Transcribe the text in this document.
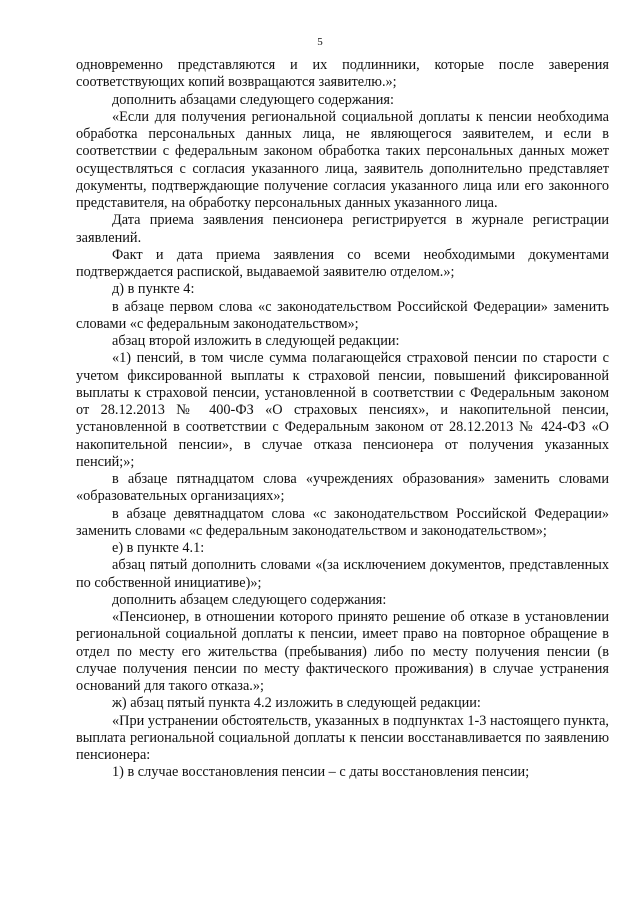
5

одновременно представляются и их подлинники, которые после заверения соответствующих копий возвращаются заявителю.»;

дополнить абзацами следующего содержания:

«Если для получения региональной социальной доплаты к пенсии необходима обработка персональных данных лица, не являющегося заявителем, и если в соответствии с федеральным законом обработка таких персональных данных может осуществляться с согласия указанного лица, заявитель дополнительно представляет документы, подтверждающие получение согласия указанного лица или его законного представителя, на обработку персональных данных указанного лица.

Дата приема заявления пенсионера регистрируется в журнале регистрации заявлений.

Факт и дата приема заявления со всеми необходимыми документами подтверждается распиской, выдаваемой заявителю отделом.»;

д) в пункте 4:

в абзаце первом слова «с законодательством Российской Федерации» заменить словами «с федеральным законодательством»;

абзац второй изложить в следующей редакции:

«1) пенсий, в том числе сумма полагающейся страховой пенсии по старости с учетом фиксированной выплаты к страховой пенсии, повышений фиксированной выплаты к страховой пенсии, установленной в соответствии с Федеральным законом от 28.12.2013 № 400-ФЗ «О страховых пенсиях», и накопительной пенсии, установленной в соответствии с Федеральным законом от 28.12.2013 № 424-ФЗ «О накопительной пенсии», в случае отказа пенсионера от получения указанных пенсий;»;

в абзаце пятнадцатом слова «учреждениях образования» заменить словами «образовательных организациях»;

в абзаце девятнадцатом слова «с законодательством Российской Федерации» заменить словами «с федеральным законодательством и законодательством»;

е) в пункте 4.1:

абзац пятый дополнить словами «(за исключением документов, представленных по собственной инициативе)»;

дополнить абзацем следующего содержания:

«Пенсионер, в отношении которого принято решение об отказе в установлении региональной социальной доплаты к пенсии, имеет право на повторное обращение в отдел по месту его жительства (пребывания) либо по месту получения пенсии (в случае получения пенсии по месту фактического проживания) в случае устранения оснований для такого отказа.»;

ж) абзац пятый пункта 4.2 изложить в следующей редакции:

«При устранении обстоятельств, указанных в подпунктах 1-3 настоящего пункта, выплата региональной социальной доплаты к пенсии восстанавливается по заявлению пенсионера:

1) в случае восстановления пенсии – с даты восстановления пенсии;
